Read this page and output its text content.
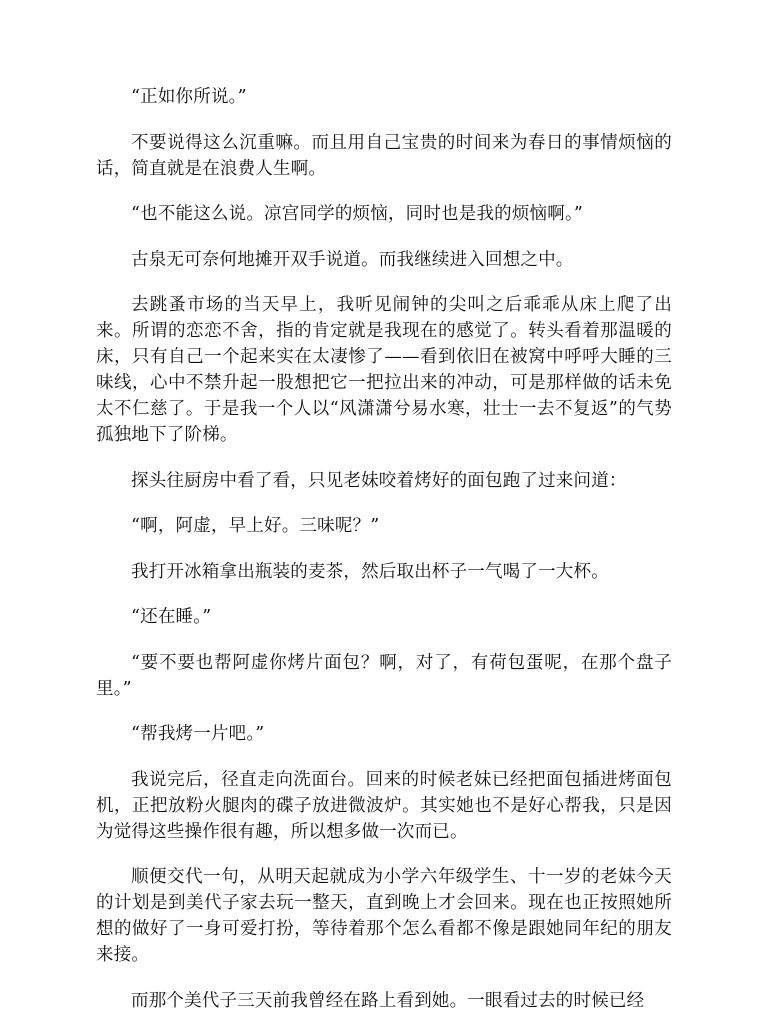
“正如你所说。”

不要说得这么沉重嘛。而且用自己宝贵的时间来为春日的事情烦恼的话，简直就是在浪费人生啊。

“也不能这么说。凉宫同学的烦恼，同时也是我的烦恼啊。”

古泉无可奈何地摊开双手说道。而我继续进入回想之中。

去跳蚤市场的当天早上，我听见闹钟的尖叫之后乖乖从床上爬了出来。所谓的恋恋不舍，指的肯定就是我现在的感觉了。转头看着那温暖的床，只有自己一个起来实在太凄惨了——看到依旧在被窝中呼呼大睡的三味线，心中不禁升起一股想把它一把拉出来的冲动，可是那样做的话未免太不仁慈了。于是我一个人以“风潇潇兮易水寒，壮士一去不复返”的气势孤独地下了阶梯。

探头往厨房中看了看，只见老妹咬着烤好的面包跑了过来问道：

“啊，阿虚，早上好。三味呢？”

我打开冰箱拿出瓶装的麦茶，然后取出杯子一气喝了一大杯。

“还在睡。”

“要不要也帮阿虚你烤片面包？啊，对了，有荷包蛋呢，在那个盘子里。”

“帮我烤一片吧。”

我说完后，径直走向洗面台。回来的时候老妹已经把面包插进烤面包机，正把放粉火腿肉的碟子放进微波炉。其实她也不是好心帮我，只是因为觉得这些操作很有趣，所以想多做一次而已。

顺便交代一句，从明天起就成为小学六年级学生、十一岁的老妹今天的计划是到美代子家去玩一整天，直到晚上才会回来。现在也正按照她所想的做好了一身可爱打扮，等待着那个怎么看都不像是跟她同年纪的朋友来接。

而那个美代子三天前我曾经在路上看到她。一眼看过去的时候已经
